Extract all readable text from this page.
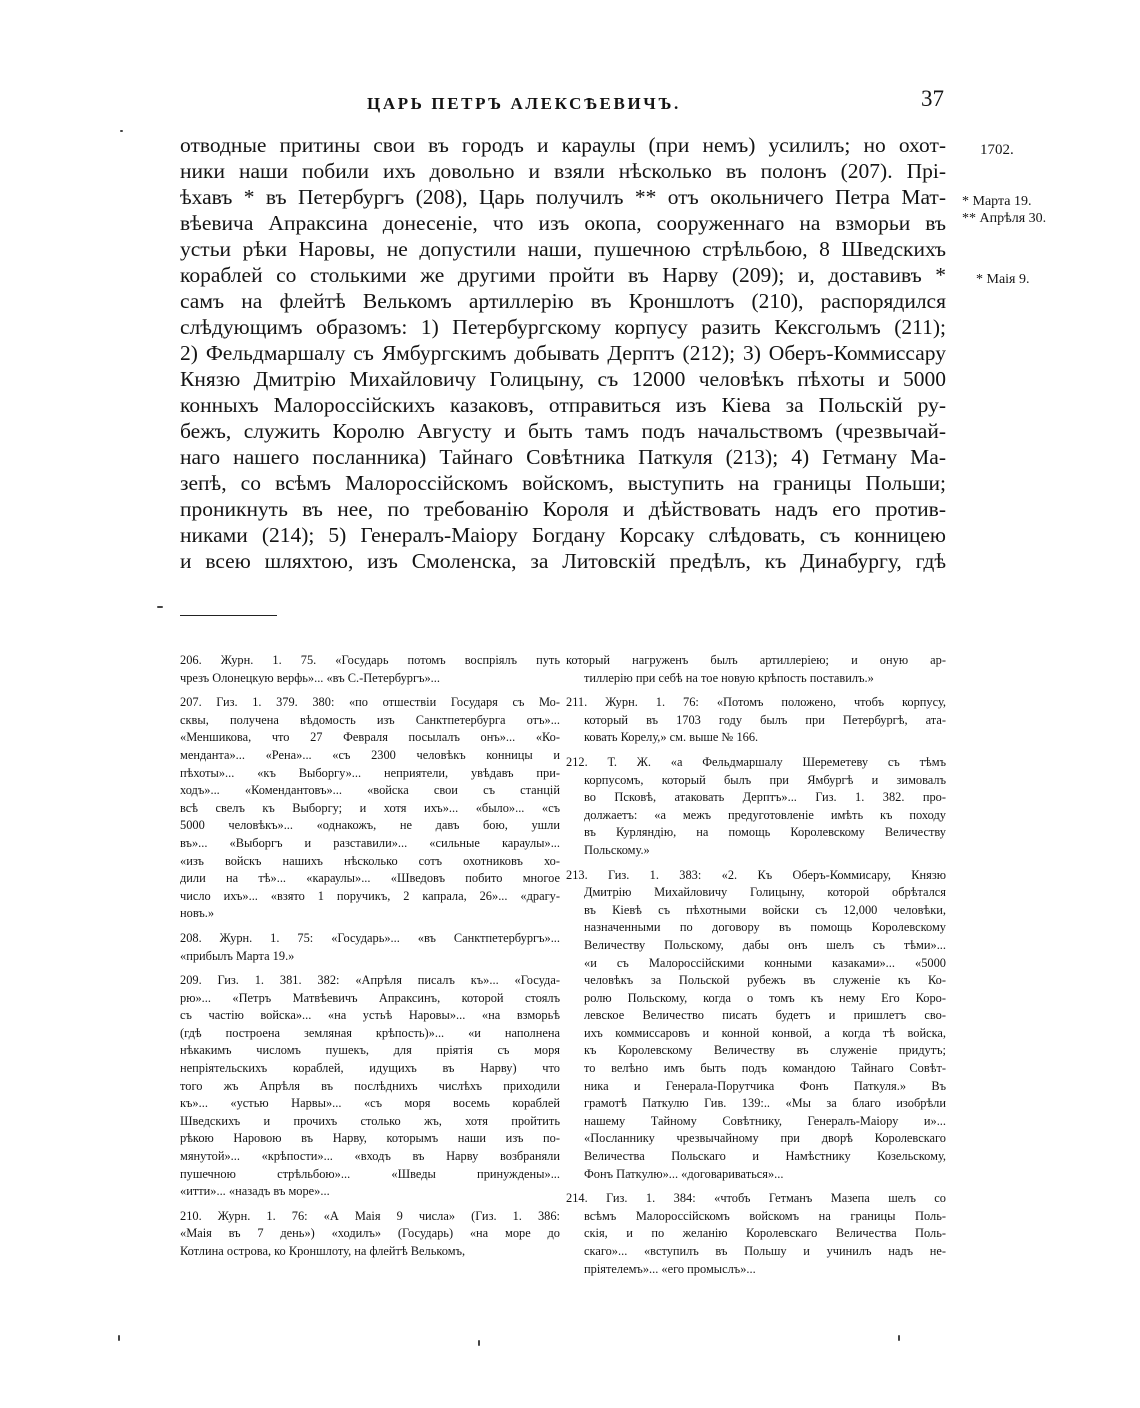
ЦАРЬ ПЕТРЪ АЛЕКСѢЕВИЧЪ.	37
отводные притины свои въ городъ и караулы (при немъ) усилилъ; но охот-
ники наши побили ихъ довольно и взяли нѣсколько въ полонъ (207). Прі-
ѣхавъ * въ Петербургъ (208), Царь получилъ ** отъ окольничего Петра Мат-
вѣевича Апраксина донесеніе, что изъ окопа, сооруженнаго на взморьи въ
устьи рѣки Наровы, не допустили наши, пушечною стрѣльбою, 8 Шведскихъ
кораблей со столькими же другими пройти въ Нарву (209); и, доставивъ *
самъ на флейтѣ Велькомъ артиллерію въ Кроншлотъ (210), распорядился
слѣдующимъ образомъ: 1) Петербургскому корпусу разить Кексгольмъ (211);
2) Фельдмаршалу съ Ямбургскимъ добывать Дерптъ (212); 3) Оберъ-Коммиссару
Князю Дмитрію Михайловичу Голицыну, съ 12000 человѣкъ пѣхоты и 5000
конныхъ Малороссійскихъ казаковъ, отправиться изъ Кіева за Польскій ру-
бежъ, служить Королю Августу и быть тамъ подъ начальствомъ (чрезвычай-
наго нашего посланника) Тайнаго Совѣтника Паткуля (213); 4) Гетману Ма-
зепѣ, со всѣмъ Малороссійскомъ войскомъ, выступить на границы Польши;
проникнуть въ нее, по требованію Короля и дѣйствовать надъ его против-
никами (214); 5) Генералъ-Маіору Богдану Корсаку слѣдовать, съ конницею
и всею шляхтою, изъ Смоленска, за Литовскій предѣлъ, къ Динабургу, гдѣ
1702.
* Марта 19.
** Апрѣля 30.
* Маія 9.
206. Журн. 1. 75. «Государь потомъ воспріялъ путь
чрезъ Олонецкую верфь»... «въ С.-Петербургъ»...
207. Гиз. 1. 379. 380: «по отшествіи Государя съ Мо-
сквы, получена вѣдомость изъ Санктпетербурга отъ»...
«Меншикова, что 27 Февраля посылалъ онъ»... «Ко-
менданта»... «Рена»... «съ 2300 человѣкъ конницы и
пѣхоты»... «къ Выборгу»... неприятели, увѣдавъ при-
ходъ»... «Комендантовъ»... «войска свои съ станцій
всѣ свелъ къ Выборгу; и хотя ихъ»... «было»... «съ
5000 человѣкъ»... «однакожъ, не давъ бою, ушли
въ»... «Выборгъ и разставили»... «сильные караулы»...
«изъ войскъ нашихъ нѣсколько сотъ охотниковъ хо-
дили на тѣ»... «караулы»... «Шведовъ побито многое
число ихъ»... «взято 1 поручикъ, 2 капрала, 26»... «драгу-
новъ.»
208. Журн. 1. 75: «Государь»... «въ Санктпетербургъ»...
«прибылъ Марта 19.»
209. Гиз. 1. 381. 382: «Апрѣля писалъ къ»... «Госуда-
рю»... «Петръ Матвѣевичъ Апраксинъ, которой стоялъ
съ частію войска»... «на устьѣ Наровы»... «на взморьѣ
(гдѣ построена земляная крѣпость)»... «и наполнена
нѣкакимъ числомъ пушекъ, для пріятія съ моря
непріятельскихъ кораблей, идущихъ въ Нарву) что
того жъ Апрѣля въ послѣднихъ числѣхъ приходили
къ»... «устью Нарвы»... «съ моря восемь кораблей
Шведскихъ и прочихъ столько жъ, хотя пройтить
рѣкою Наровою въ Нарву, которымъ наши изъ по-
мянутой»... «крѣпости»... «входъ въ Нарву возбраняли
пушечною стрѣльбою»... «Шведы принуждены»...
«итти»... «назадъ въ море»...
210. Журн. 1. 76: «А Маія 9 числа» (Гиз. 1. 386:
«Маія въ 7 день») «ходилъ» (Государь) «на море до
Котлина острова, ко Кроншлоту, на флейтѣ Велькомъ,
который нагруженъ былъ артиллеріею; и оную ар-
тиллерію при себѣ на тое новую крѣпость поставилъ.»
211. Журн. 1. 76: «Потомъ положено, чтобъ корпусу,
который въ 1703 году былъ при Петербургѣ, ата-
ковать Корелу,» см. выше № 166.
212. Т. Ж. «а Фельдмаршалу Шереметеву съ тѣмъ
корпусомъ, который былъ при Ямбургѣ и зимовалъ
во Псковѣ, атаковать Дерптъ»... Гиз. 1. 382. про-
должаетъ: «а межъ предуготовленіе имѣть къ походу
въ Курляндію, на помощь Королевскому Величеству
Польскому.»
213. Гиз. 1. 383: «2. Къ Оберъ-Коммисару, Князю
Дмитрію Михайловичу Голицыну, которой обрѣтался
въ Кіевѣ съ пѣхотными войски съ 12,000 человѣки,
назначенными по договору въ помощь Королевскому
Величеству Польскому, дабы онъ шелъ съ тѣми»...
«и съ Малороссійскими конными казаками»... «5000
человѣкъ за Польской рубежъ въ служеніе къ Ко-
ролю Польскому, когда о томъ къ нему Его Коро-
левское Величество писать будетъ и пришлетъ сво-
ихъ коммиссаровъ и конной конвой, а когда тѣ войска,
къ Королевскому Величеству въ служеніе придутъ;
то велѣно имъ быть подъ командою Тайнаго Совѣт-
ника и Генерала-Порутчика Фонъ Паткуля.» Въ
грамотѣ Паткулю Гив. 139:.. «Мы за благо изобрѣли
нашему Тайному Совѣтнику, Генералъ-Маіору и»...
«Посланнику чрезвычайному при дворѣ Королевскаго
Величества Польскаго и Намѣстнику Козельскому,
Фонъ Паткулю»... «договариваться»...
214. Гиз. 1. 384: «чтобъ Гетманъ Мазепа шелъ со
всѣмъ Малороссійскомъ войскомъ на границы Поль-
скія, и по желанію Королевскаго Величества Поль-
скаго»... «вступилъ въ Польшу и учинилъ надъ не-
пріятелемъ»... «его промыслъ»...
